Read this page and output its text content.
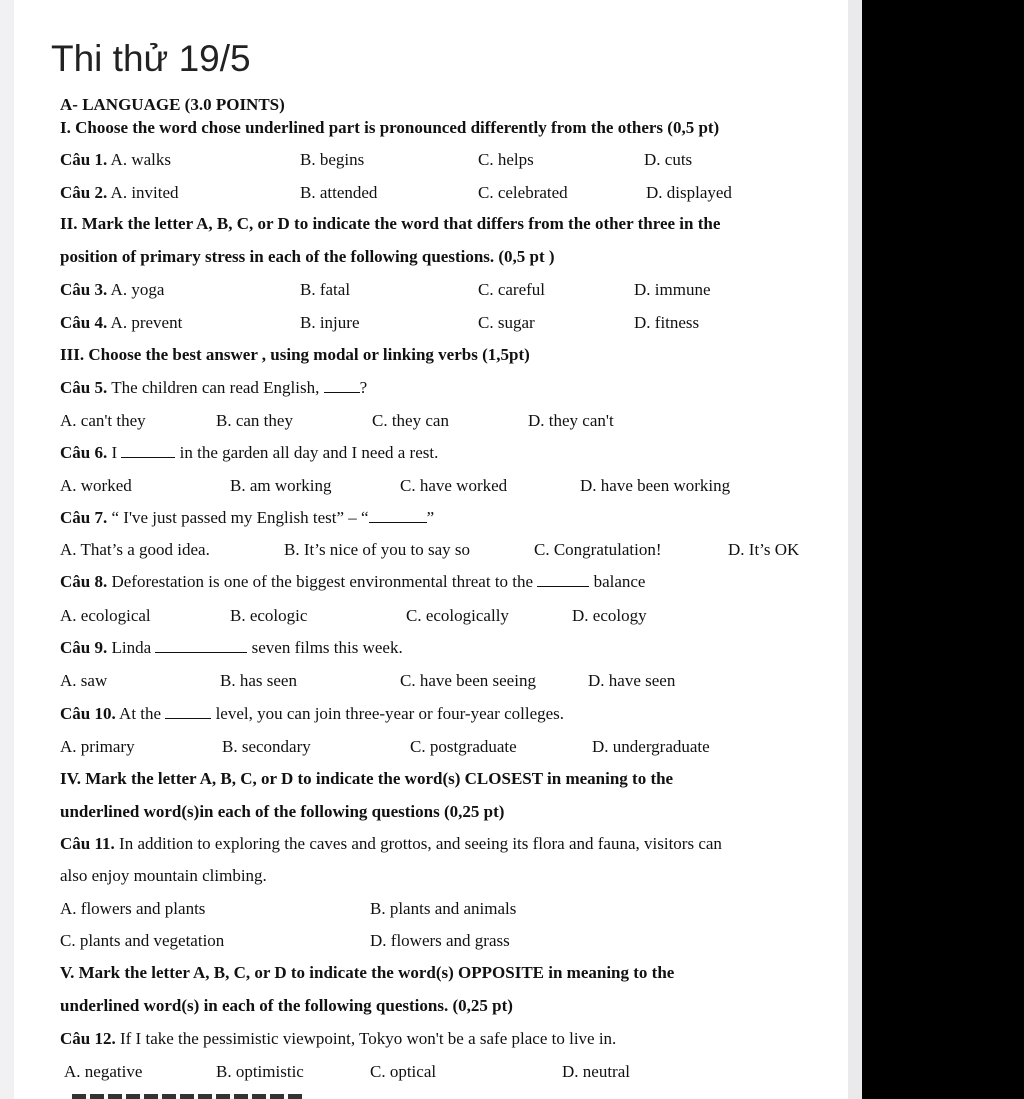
Thi thử 19/5
A- LANGUAGE (3.0 POINTS)
I. Choose the word chose underlined part is pronounced differently from the others (0,5 pt)
Câu 1. A. walks	B. begins	C. helps	D. cuts
Câu 2. A. invited	B. attended	C. celebrated	D. displayed
II. Mark the letter A, B, C, or D to indicate the word that differs from the other three in the
position of primary stress in each of the following questions. (0,5 pt )
Câu 3. A. yoga	B. fatal	C. careful	D. immune
Câu 4. A. prevent	B. injure	C. sugar	D. fitness
III. Choose the best answer , using modal or linking verbs (1,5pt)
Câu 5. The children can read English, ?
A. can't they	B. can they	C. they can	D. they can't
Câu 6. I	in the garden all day and I need a rest.
A. worked	B. am working	C. have worked	D. have been working
Câu 7. “ I've just passed my English test” – “	”
A. That’s a good idea.	B. It’s nice of you to say so	C. Congratulation!	D. It’s OK
Câu 8. Deforestation is one of the biggest environmental threat to the	balance
A. ecological	B. ecologic	C. ecologically	D. ecology
Câu 9. Linda	seven films this week.
A. saw	B. has seen	C. have been seeing	D. have seen
Câu 10. At the	level, you can join three-year or four-year colleges.
A. primary	B. secondary	C. postgraduate	D. undergraduate
IV. Mark the letter A, B, C, or D to indicate the word(s) CLOSEST in meaning to the
underlined word(s)in each of the following questions (0,25 pt)
Câu 11. In addition to exploring the caves and grottos, and seeing its flora and fauna, visitors can
also enjoy mountain climbing.
A. flowers and plants	B. plants and animals
C. plants and vegetation	D. flowers and grass
V. Mark the letter A, B, C, or D to indicate the word(s) OPPOSITE in meaning to the
underlined word(s) in each of the following questions. (0,25 pt)
Câu 12. If I take the pessimistic viewpoint, Tokyo won't be a safe place to live in.
A. negative	B. optimistic	C. optical	D. neutral
